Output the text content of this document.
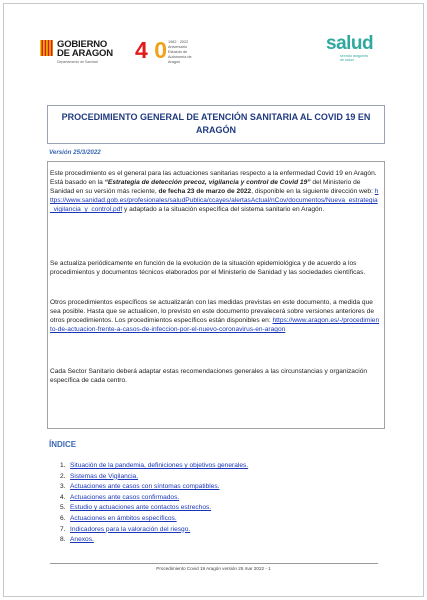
GOBIERNO
DE ARAGON
Departamento de Sanidad 4 0 1982 · 2022
Aniversario
Estatuto de
Autonomía de
Aragón
salud
servicio aragonés
de salud
PROCEDIMIENTO GENERAL DE ATENCIÓN SANITARIA AL COVID 19 EN ARAGÓN
Versión 25/3/2022
Este procedimiento es el general para las actuaciones sanitarias respecto a la enfermedad Covid 19 en Aragón. Está basado en la “Estrategia de detección precoz, vigilancia y control de Covid 19” del Ministerio de Sanidad en su versión más reciente, de fecha 23 de marzo de 2022, disponible en la siguiente dirección web: https://www.sanidad.gob.es/profesionales/saludPublica/ccayes/alertasActual/nCov/documentos/Nueva_estrategia_vigilancia_y_control.pdf y adaptado a la situación específica del sistema sanitario en Aragón.
Se actualiza periódicamente en función de la evolución de la situación epidemiológica y de acuerdo a los procedimientos y documentos técnicos elaborados por el Ministerio de Sanidad y las sociedades científicas.
Otros procedimientos específicos se actualizarán con las medidas previstas en este documento, a medida que sea posible. Hasta que se actualicen, lo previsto en este documento prevalecerá sobre versiones anteriores de otros procedimientos. Los procedimientos específicos están disponibles en: https://www.aragon.es/-/procedimiento-de-actuacion-frente-a-casos-de-infeccion-por-el-nuevo-coronavirus-en-aragon
Cada Sector Sanitario deberá adaptar estas recomendaciones generales a las circunstancias y organización específica de cada centro.
ÍNDICE
1. Situación de la pandemia, definiciones y objetivos generales.
2. Sistemas de Vigilancia.
3. Actuaciones ante casos con síntomas compatibles.
4. Actuaciones ante casos confirmados.
5. Estudio y actuaciones ante contactos estrechos.
6. Actuaciones en ámbitos específicos.
7. Indicadores para la valoración del riesgo.
8. Anexos.
Procedimiento Covid 19 Aragón versión 25 mar 2022 - 1
